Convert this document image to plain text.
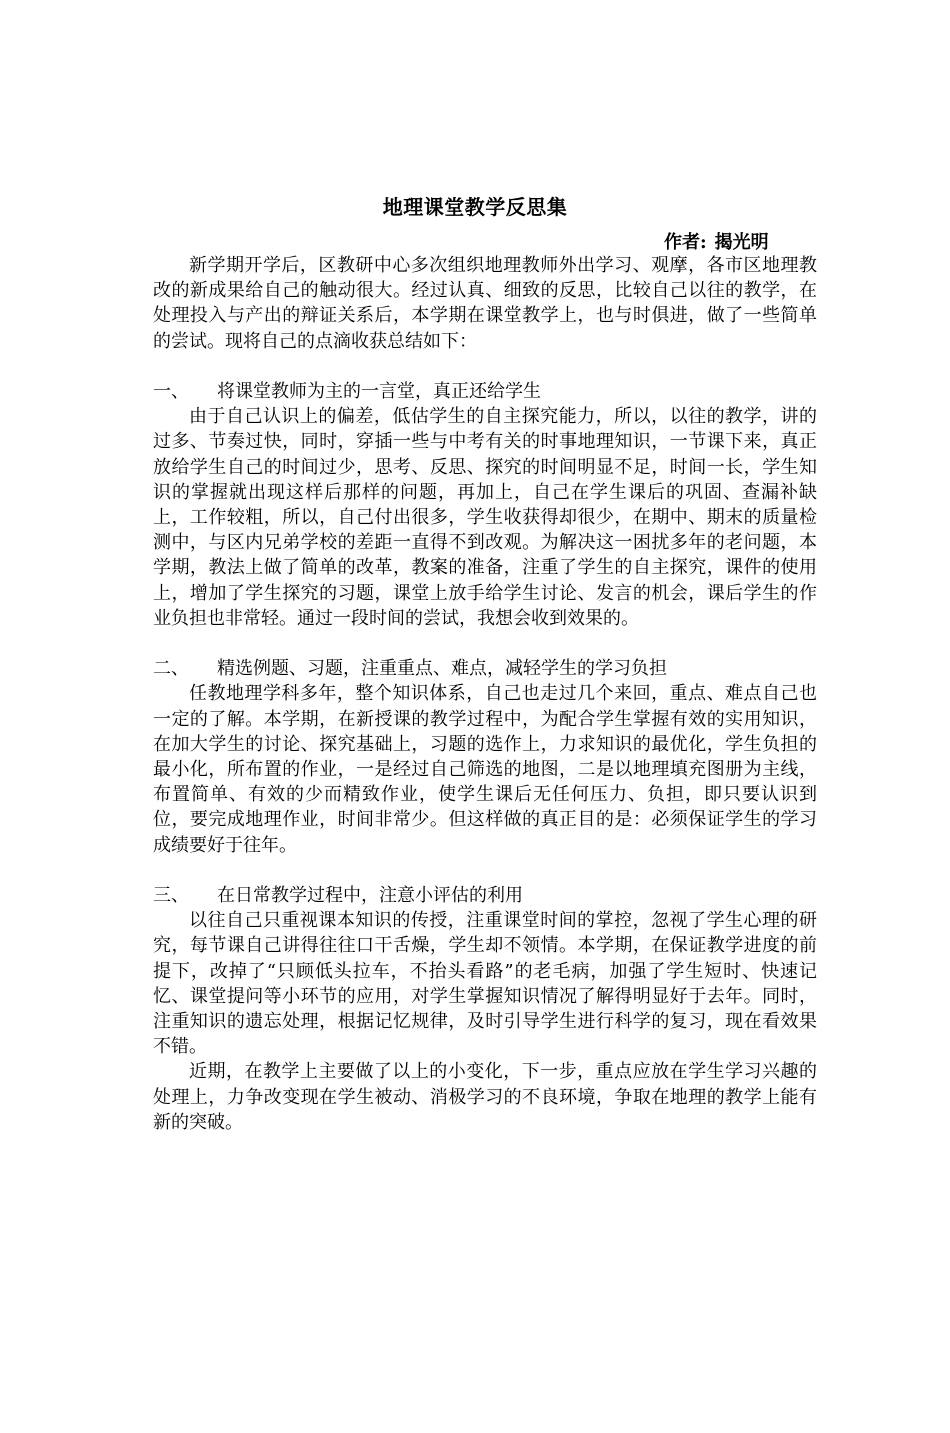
地理课堂教学反思集
作者: 揭光明

新学期开学后，区教研中心多次组织地理教师外出学习、观摩，各市区地理教改的新成果给自己的触动很大。经过认真、细致的反思，比较自己以往的教学，在处理投入与产出的辩证关系后，本学期在课堂教学上，也与时俱进，做了一些简单的尝试。现将自己的点滴收获总结如下：

一、 将课堂教师为主的一言堂，真正还给学生

由于自己认识上的偏差，低估学生的自主探究能力，所以，以往的教学，讲的过多、节奏过快，同时，穿插一些与中考有关的时事地理知识，一节课下来，真正放给学生自己的时间过少，思考、反思、探究的时间明显不足，时间一长，学生知识的掌握就出现这样后那样的问题，再加上，自己在学生课后的巩固、查漏补缺上，工作较粗，所以，自己付出很多，学生收获得却很少，在期中、期末的质量检测中，与区内兄弟学校的差距一直得不到改观。为解决这一困扰多年的老问题，本学期，教法上做了简单的改革，教案的准备，注重了学生的自主探究，课件的使用上，增加了学生探究的习题，课堂上放手给学生讨论、发言的机会，课后学生的作业负担也非常轻。通过一段时间的尝试，我想会收到效果的。

二、 精选例题、习题，注重重点、难点，减轻学生的学习负担

任教地理学科多年，整个知识体系，自己也走过几个来回，重点、难点自己也一定的了解。本学期，在新授课的教学过程中，为配合学生掌握有效的实用知识，在加大学生的讨论、探究基础上，习题的选作上，力求知识的最优化，学生负担的最小化，所布置的作业，一是经过自己筛选的地图，二是以地理填充图册为主线，布置简单、有效的少而精致作业，使学生课后无任何压力、负担，即只要认识到位，要完成地理作业，时间非常少。但这样做的真正目的是：必须保证学生的学习成绩要好于往年。

三、 在日常教学过程中，注意小评估的利用

以往自己只重视课本知识的传授，注重课堂时间的掌控，忽视了学生心理的研究，每节课自己讲得往往口干舌燥，学生却不领情。本学期，在保证教学进度的前提下，改掉了“只顾低头拉车，不抬头看路”的老毛病，加强了学生短时、快速记忆、课堂提问等小环节的应用，对学生掌握知识情况了解得明显好于去年。同时，注重知识的遗忘处理，根据记忆规律，及时引导学生进行科学的复习，现在看效果不错。

近期，在教学上主要做了以上的小变化，下一步，重点应放在学生学习兴趣的处理上，力争改变现在学生被动、消极学习的不良环境，争取在地理的教学上能有新的突破。
